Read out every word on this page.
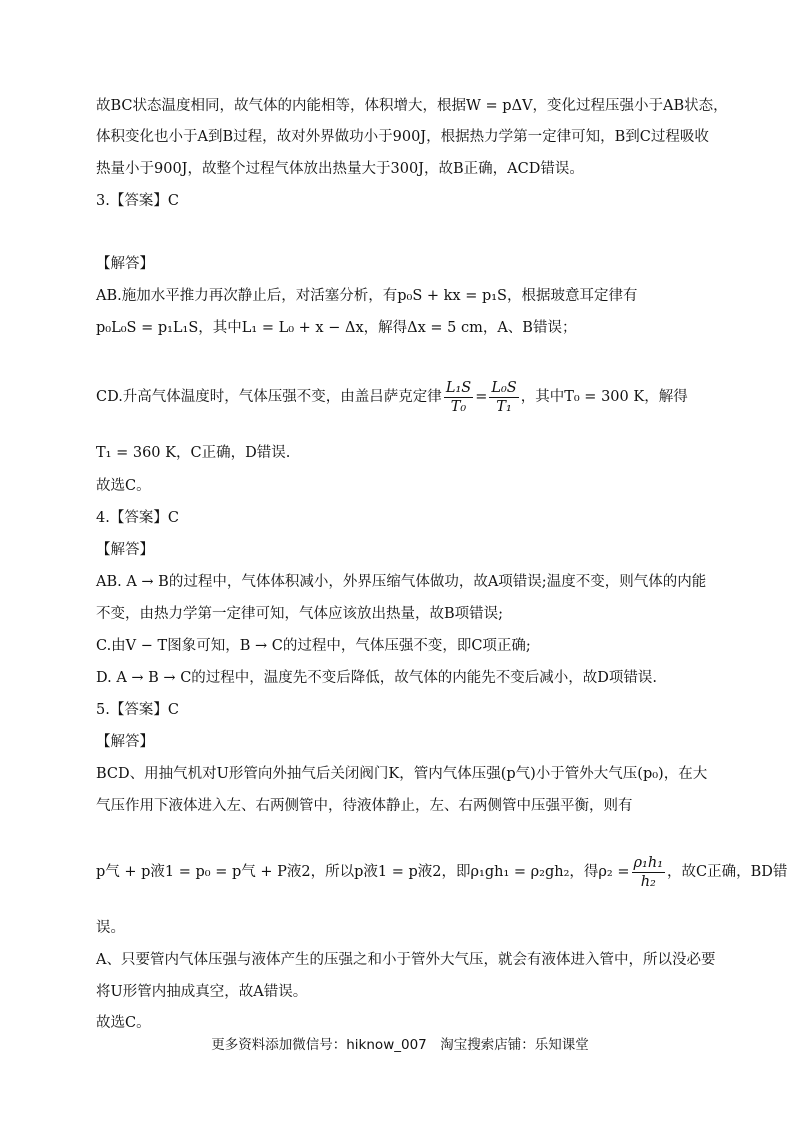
故BC状态温度相同，故气体的内能相等，体积增大，根据W = pΔV，变化过程压强小于AB状态，
体积变化也小于A到B过程，故对外界做功小于900J，根据热力学第一定律可知，B到C过程吸收
热量小于900J，故整个过程气体放出热量大于300J，故B正确，ACD错误。
3.【答案】C
【解答】
AB.施加水平推力再次静止后，对活塞分析，有p₀S + kx = p₁S，根据玻意耳定律有
p₀L₀S = p₁L₁S，其中L₁ = L₀ + x − Δx，解得Δx = 5 cm，A、B错误；
CD.升高气体温度时，气体压强不变，由盖吕萨克定律 $\frac{\text{L₁S}}{\text{T₀}} = \frac{\text{L₀S}}{\text{T₁}}$ ，其中T₀ = 300 K，解得
T₁ = 360 K，C正确，D错误.
故选C。
4.【答案】C
【解答】
AB. A → B的过程中，气体体积减小，外界压缩气体做功，故A项错误;温度不变，则气体的内能
不变，由热力学第一定律可知，气体应该放出热量，故B项错误;
C.由V − T图象可知，B → C的过程中，气体压强不变，即C项正确;
D. A → B → C的过程中，温度先不变后降低，故气体的内能先不变后减小，故D项错误.
5.【答案】C
【解答】
BCD、用抽气机对U形管向外抽气后关闭阀门K，管内气体压强(p气)小于管外大气压(p₀)，在大
气压作用下液体进入左、右两侧管中，待液体静止，左、右两侧管中压强平衡，则有
p气 + p液1 = p₀ = p气 + P液2，所以p液1 = p液2，即ρ₁gh₁ = ρ₂gh₂，得$\rho_2 = \frac{\text{ρ₁h₁}}{\text{h₂}}$ ，故C正确，BD错
误。
A、只要管内气体压强与液体产生的压强之和小于管外大气压，就会有液体进入管中，所以没必要
将U形管内抽成真空，故A错误。
故选C。
更多资料添加微信号：hiknow_007　淘宝搜索店铺：乐知课堂
